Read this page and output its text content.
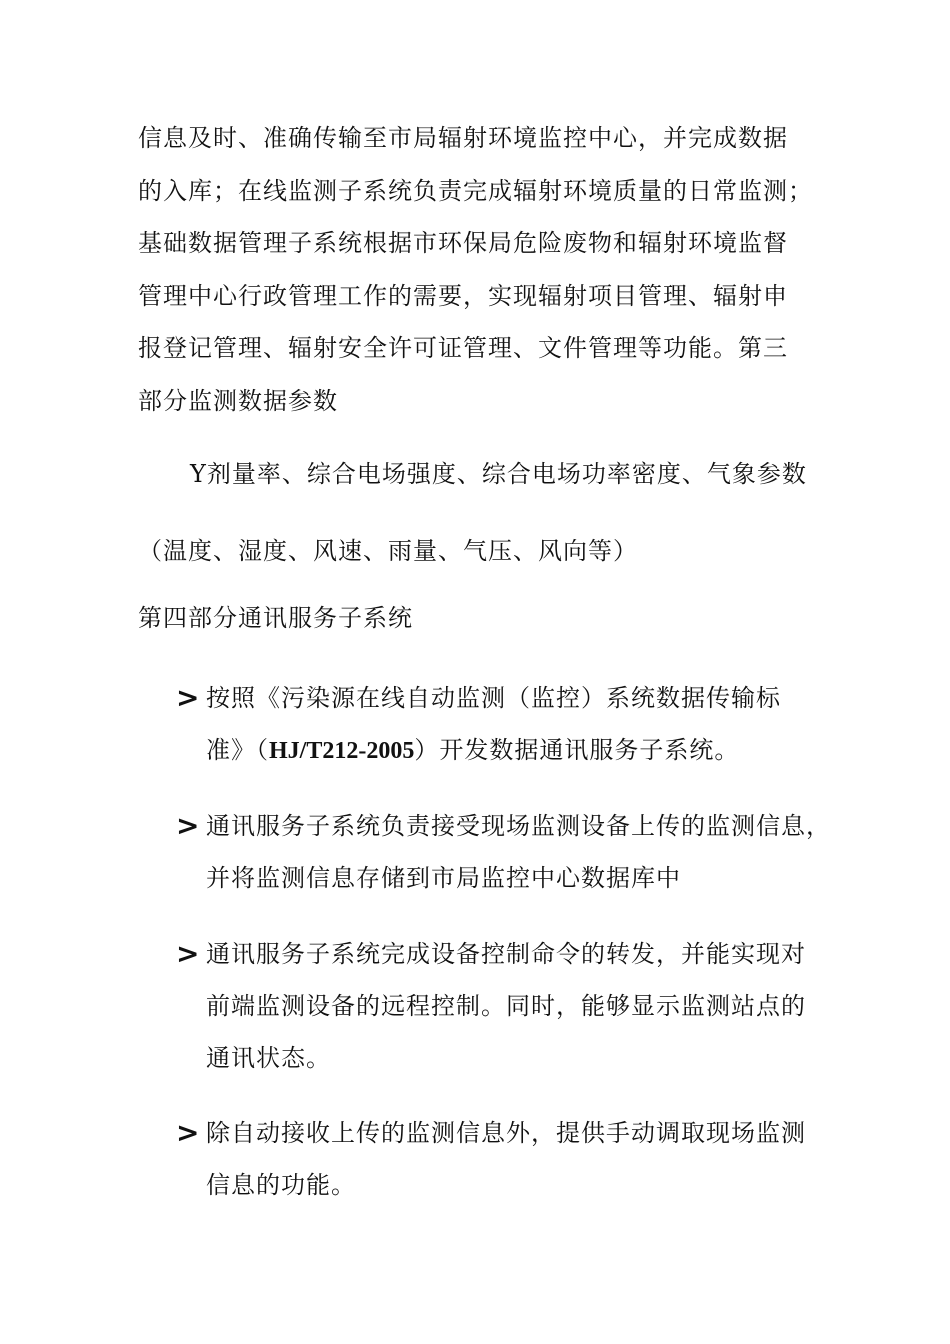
信息及时、准确传输至市局辐射环境监控中心，并完成数据
的入库；在线监测子系统负责完成辐射环境质量的日常监测；
基础数据管理子系统根据市环保局危险废物和辐射环境监督
管理中心行政管理工作的需要，实现辐射项目管理、辐射申
报登记管理、辐射安全许可证管理、文件管理等功能。第三
部分监测数据参数
Y剂量率、综合电场强度、综合电场功率密度、气象参数
（温度、湿度、风速、雨量、气压、风向等）
第四部分通讯服务子系统
> 按照《污染源在线自动监测（监控）系统数据传输标
准》（HJ/T212-2005）开发数据通讯服务子系统。
> 通讯服务子系统负责接受现场监测设备上传的监测信息，
并将监测信息存储到市局监控中心数据库中
> 通讯服务子系统完成设备控制命令的转发，并能实现对
前端监测设备的远程控制。同时，能够显示监测站点的
通讯状态。
> 除自动接收上传的监测信息外，提供手动调取现场监测
信息的功能。
